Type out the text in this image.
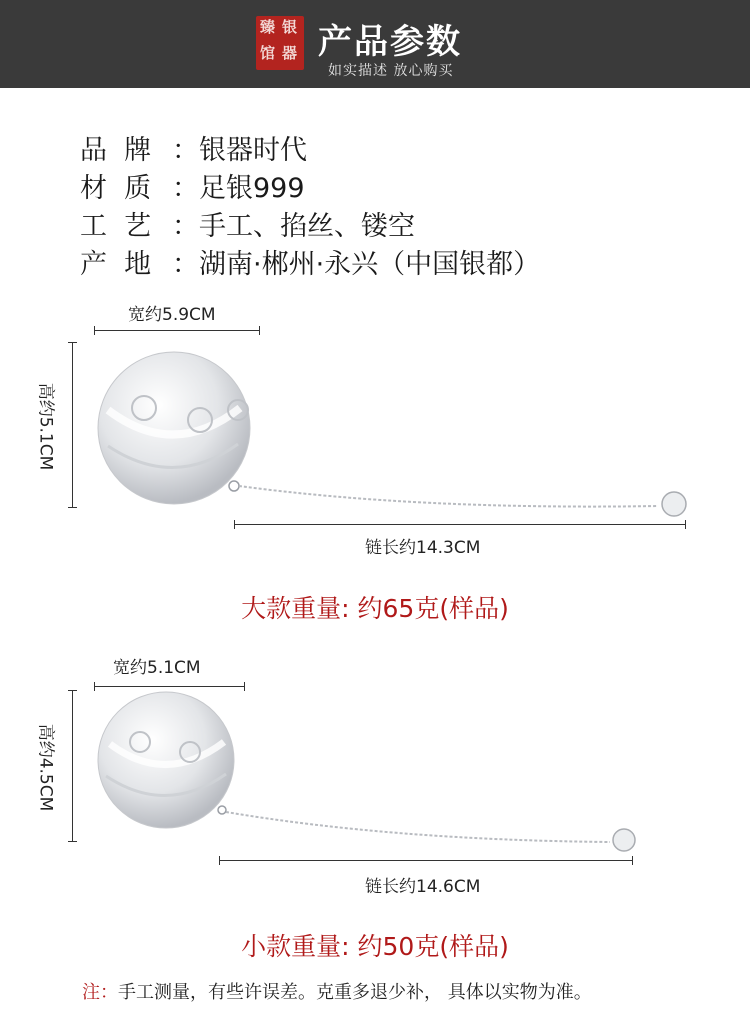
臻 银
馆 器 产品参数
如实描述 放心购买
品 牌 ：银器时代
材 质 ：足银999
工 艺 ：手工、掐丝、镂空
产 地 ：湖南·郴州·永兴（中国银都）
宽约5.9CM
高约5.1CM
链长约14.3CM
大款重量: 约65克(样品)
宽约5.1CM
高约4.5CM
链长约14.6CM
小款重量: 约50克(样品)
注：手工测量，有些许误差。克重多退少补， 具体以实物为准。
